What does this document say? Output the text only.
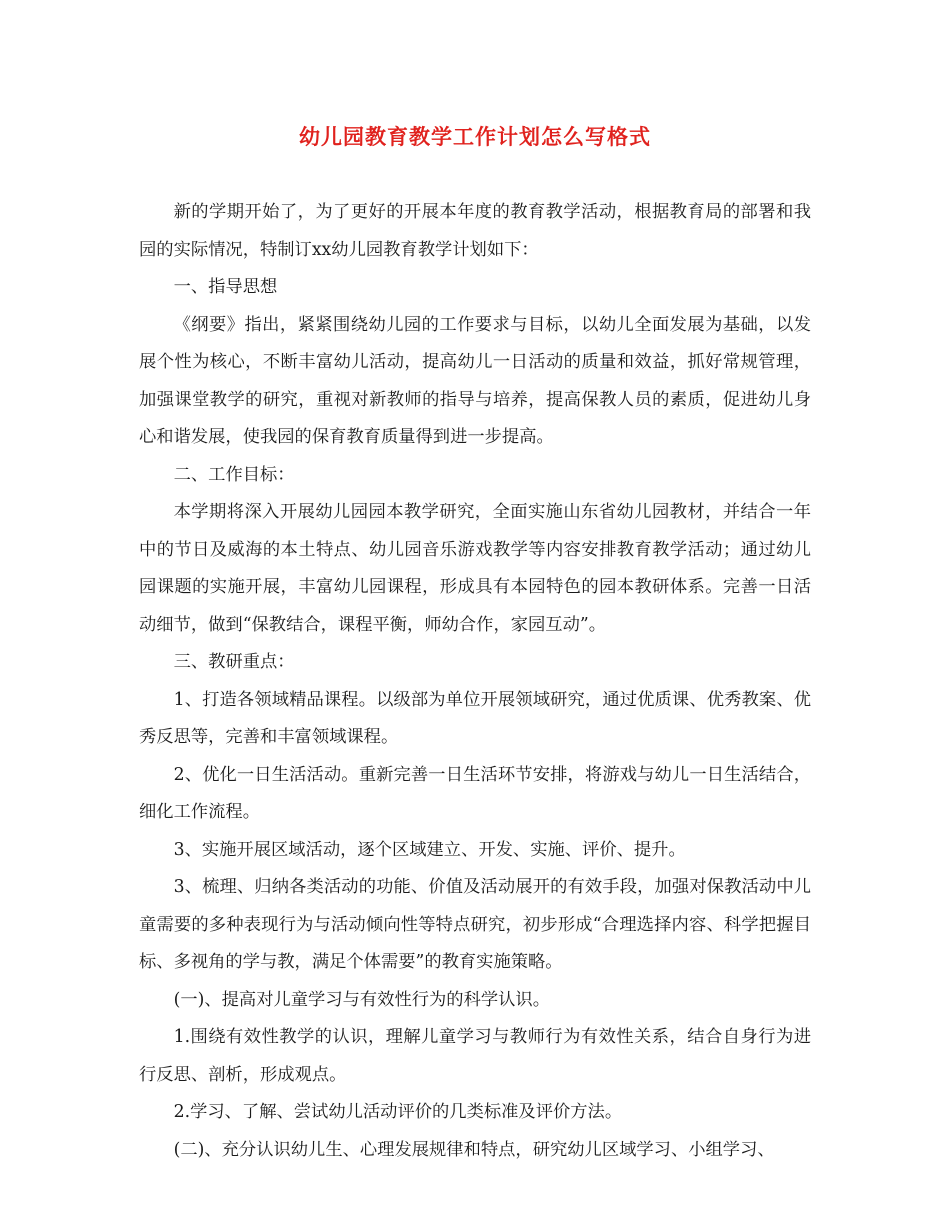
幼儿园教育教学工作计划怎么写格式

新的学期开始了，为了更好的开展本年度的教育教学活动，根据教育局的部署和我园的实际情况，特制订xx幼儿园教育教学计划如下：

一、指导思想

《纲要》指出，紧紧围绕幼儿园的工作要求与目标，以幼儿全面发展为基础，以发展个性为核心，不断丰富幼儿活动，提高幼儿一日活动的质量和效益，抓好常规管理，加强课堂教学的研究，重视对新教师的指导与培养，提高保教人员的素质，促进幼儿身心和谐发展，使我园的保育教育质量得到进一步提高。

二、工作目标：

本学期将深入开展幼儿园园本教学研究，全面实施山东省幼儿园教材，并结合一年中的节日及威海的本土特点、幼儿园音乐游戏教学等内容安排教育教学活动；通过幼儿园课题的实施开展，丰富幼儿园课程，形成具有本园特色的园本教研体系。完善一日活动细节，做到“保教结合，课程平衡，师幼合作，家园互动”。

三、教研重点：

1、打造各领域精品课程。以级部为单位开展领域研究，通过优质课、优秀教案、优秀反思等，完善和丰富领域课程。

2、优化一日生活活动。重新完善一日生活环节安排，将游戏与幼儿一日生活结合，细化工作流程。

3、实施开展区域活动，逐个区域建立、开发、实施、评价、提升。

3、梳理、归纳各类活动的功能、价值及活动展开的有效手段，加强对保教活动中儿童需要的多种表现行为与活动倾向性等特点研究，初步形成“合理选择内容、科学把握目标、多视角的学与教，满足个体需要”的教育实施策略。

(一)、提高对儿童学习与有效性行为的科学认识。

1.围绕有效性教学的认识，理解儿童学习与教师行为有效性关系，结合自身行为进行反思、剖析，形成观点。

2.学习、了解、尝试幼儿活动评价的几类标准及评价方法。

(二)、充分认识幼儿生、心理发展规律和特点，研究幼儿区域学习、小组学习、
